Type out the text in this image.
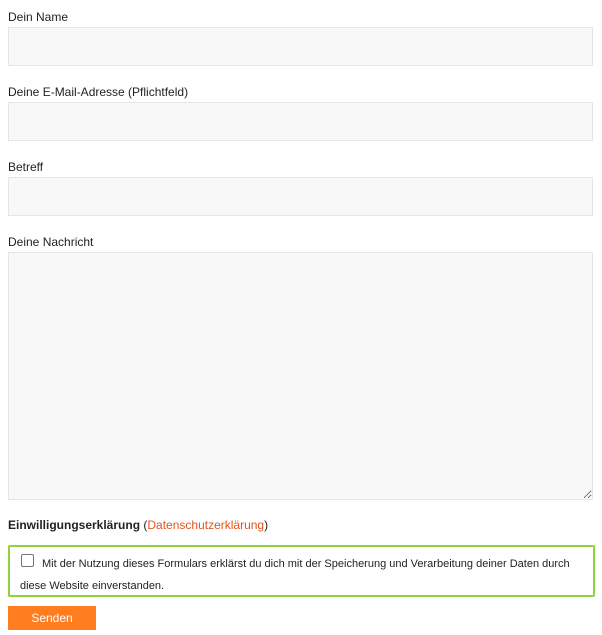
Dein Name
Deine E-Mail-Adresse (Pflichtfeld)
Betreff
Deine Nachricht
Einwilligungserklärung (Datenschutzerklärung)
Mit der Nutzung dieses Formulars erklärst du dich mit der Speicherung und Verarbeitung deiner Daten durch diese Website einverstanden.
Senden
